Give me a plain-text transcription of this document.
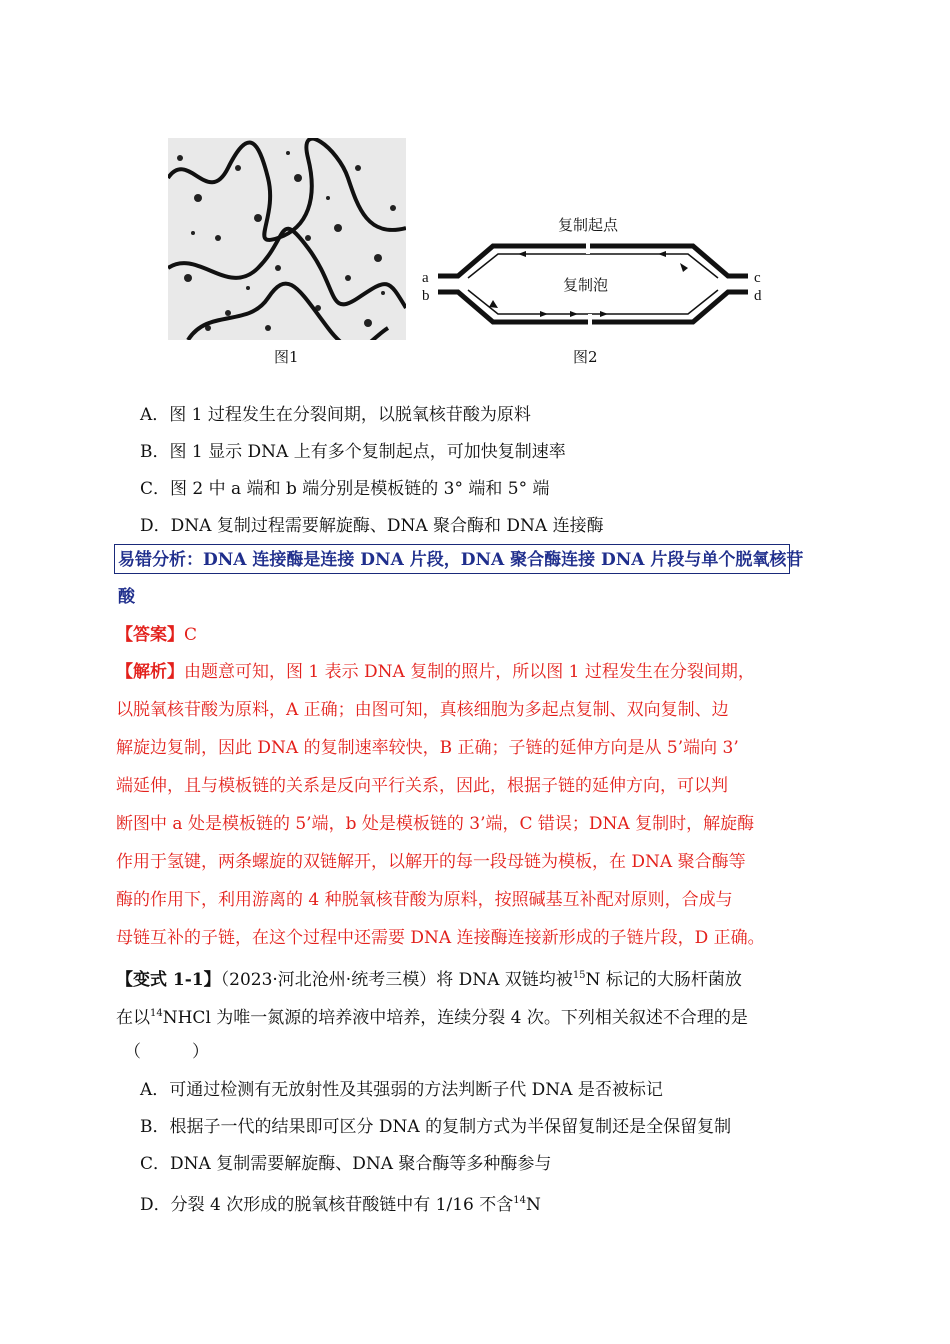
图1
复制起点
复制泡
a
b
c
d
图2
A．图 1 过程发生在分裂间期，以脱氧核苷酸为原料
B．图 1 显示 DNA 上有多个复制起点，可加快复制速率
C．图 2 中 a 端和 b 端分别是模板链的 3° 端和 5° 端
D．DNA 复制过程需要解旋酶、DNA 聚合酶和 DNA 连接酶
易错分析：DNA 连接酶是连接 DNA 片段，DNA 聚合酶连接 DNA 片段与单个脱氧核苷
酸
【答案】C
【解析】由题意可知，图 1 表示 DNA 复制的照片，所以图 1 过程发生在分裂间期，
以脱氧核苷酸为原料，A 正确；由图可知，真核细胞为多起点复制、双向复制、边
解旋边复制，因此 DNA 的复制速率较快，B 正确；子链的延伸方向是从 5’端向 3’
端延伸，且与模板链的关系是反向平行关系，因此，根据子链的延伸方向，可以判
断图中 a 处是模板链的 5’端，b 处是模板链的 3’端，C 错误；DNA 复制时，解旋酶
作用于氢键，两条螺旋的双链解开，以解开的每一段母链为模板，在 DNA 聚合酶等
酶的作用下，利用游离的 4 种脱氧核苷酸为原料，按照碱基互补配对原则，合成与
母链互补的子链，在这个过程中还需要 DNA 连接酶连接新形成的子链片段，D 正确。
【变式 1-1】（2023·河北沧州·统考三模）将 DNA 双链均被$^{15}$N 标记的大肠杆菌放
在以$^{14}$NHCl 为唯一氮源的培养液中培养，连续分裂 4 次。下列相关叙述不合理的是
（　　　）
A．可通过检测有无放射性及其强弱的方法判断子代 DNA 是否被标记
B．根据子一代的结果即可区分 DNA 的复制方式为半保留复制还是全保留复制
C．DNA 复制需要解旋酶、DNA 聚合酶等多种酶参与
D．分裂 4 次形成的脱氧核苷酸链中有 1/16 不含$^{14}$N
